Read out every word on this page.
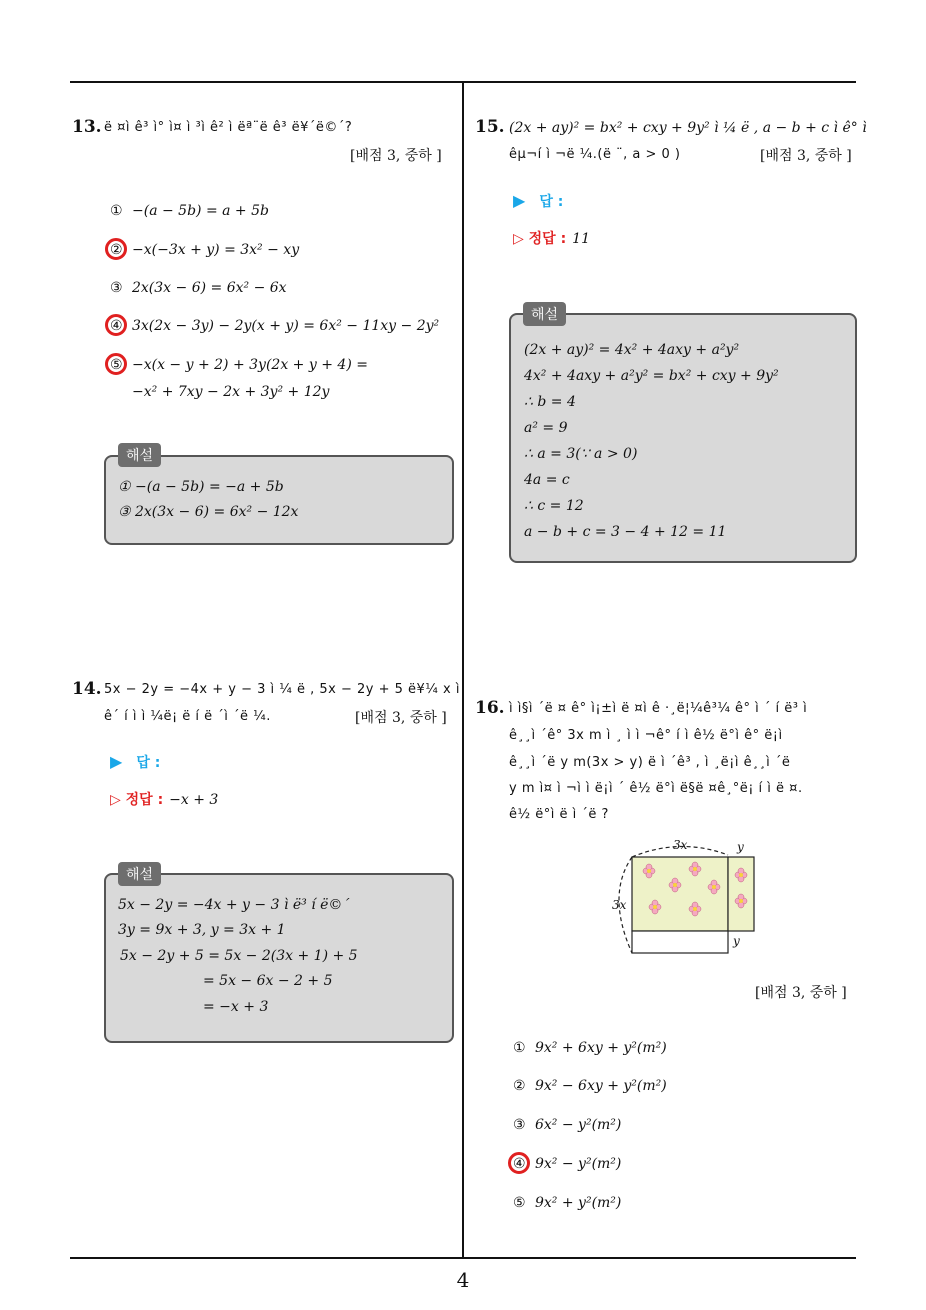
13. ë ¤ì ê³ ì° ì¤ ì ³ì ê² ì ëª¨ë ê³ ë¥´ë©´?
[배점 3, 중하 ]
① −(a − 5b) = a + 5b
② −x(−3x + y) = 3x² − xy
③ 2x(3x − 6) = 6x² − 6x
④ 3x(2x − 3y) − 2y(x + y) = 6x² − 11xy − 2y²
⑤ −x(x − y + 2) + 3y(2x + y + 4) =
−x² + 7xy − 2x + 3y² + 12y
해설
① −(a − 5b) = −a + 5b
③ 2x(3x − 6) = 6x² − 12x
14. 5x − 2y = −4x + y − 3 ì ¼ ë , 5x − 2y + 5 ë¥¼ x ì
ê´ í ì ì ¼ë¡ ë í ë ´ì ´ë ¼.	[배점 3, 중하 ]
▶ 답 :
▷ 정답 : −x + 3
해설
5x − 2y = −4x + y − 3 ì ë³ í ë©´
3y = 9x + 3, y = 3x + 1
5x − 2y + 5 = 5x − 2(3x + 1) + 5
= 5x − 6x − 2 + 5
= −x + 3
15. (2x + ay)² = bx² + cxy + 9y² ì ¼ ë , a − b + c ì ê° ì
êµ¬í ì ¬ë ¼.(ë ¨, a > 0 )	[배점 3, 중하 ]
▶ 답 :
▷ 정답 : 11
해설
(2x + ay)² = 4x² + 4axy + a²y²
4x² + 4axy + a²y² = bx² + cxy + 9y²
∴ b = 4
a² = 9
∴ a = 3(∵ a > 0)
4a = c
∴ c = 12
a − b + c = 3 − 4 + 12 = 11
16. ì ì§ì ´ë ¤ ê° ì¡±ì ë ¤ì ê ·¸ë¦¼ê³¼ ê° ì ´ í ë³ ì
ê¸¸ì ´ê° 3x m ì ¸ ì ì ¬ê° í ì ê½ ë°ì ê° ë¡ì
ê¸¸ì ´ë y m(3x > y) ë ì ´ê³ , ì ¸ë¡ì ê¸¸ì ´ë
y m ì¤ ì ¬ì ì ë¡ì ´ ê½ ë°ì ë§ë ¤ê¸°ë¡ í ì ë ¤.
ê½ ë°ì ë ì ´ë ?
3x
3x
y
y
[배점 3, 중하 ]
① 9x² + 6xy + y²(m²)
② 9x² − 6xy + y²(m²)
③ 6x² − y²(m²)
④ 9x² − y²(m²)
⑤ 9x² + y²(m²)
4
